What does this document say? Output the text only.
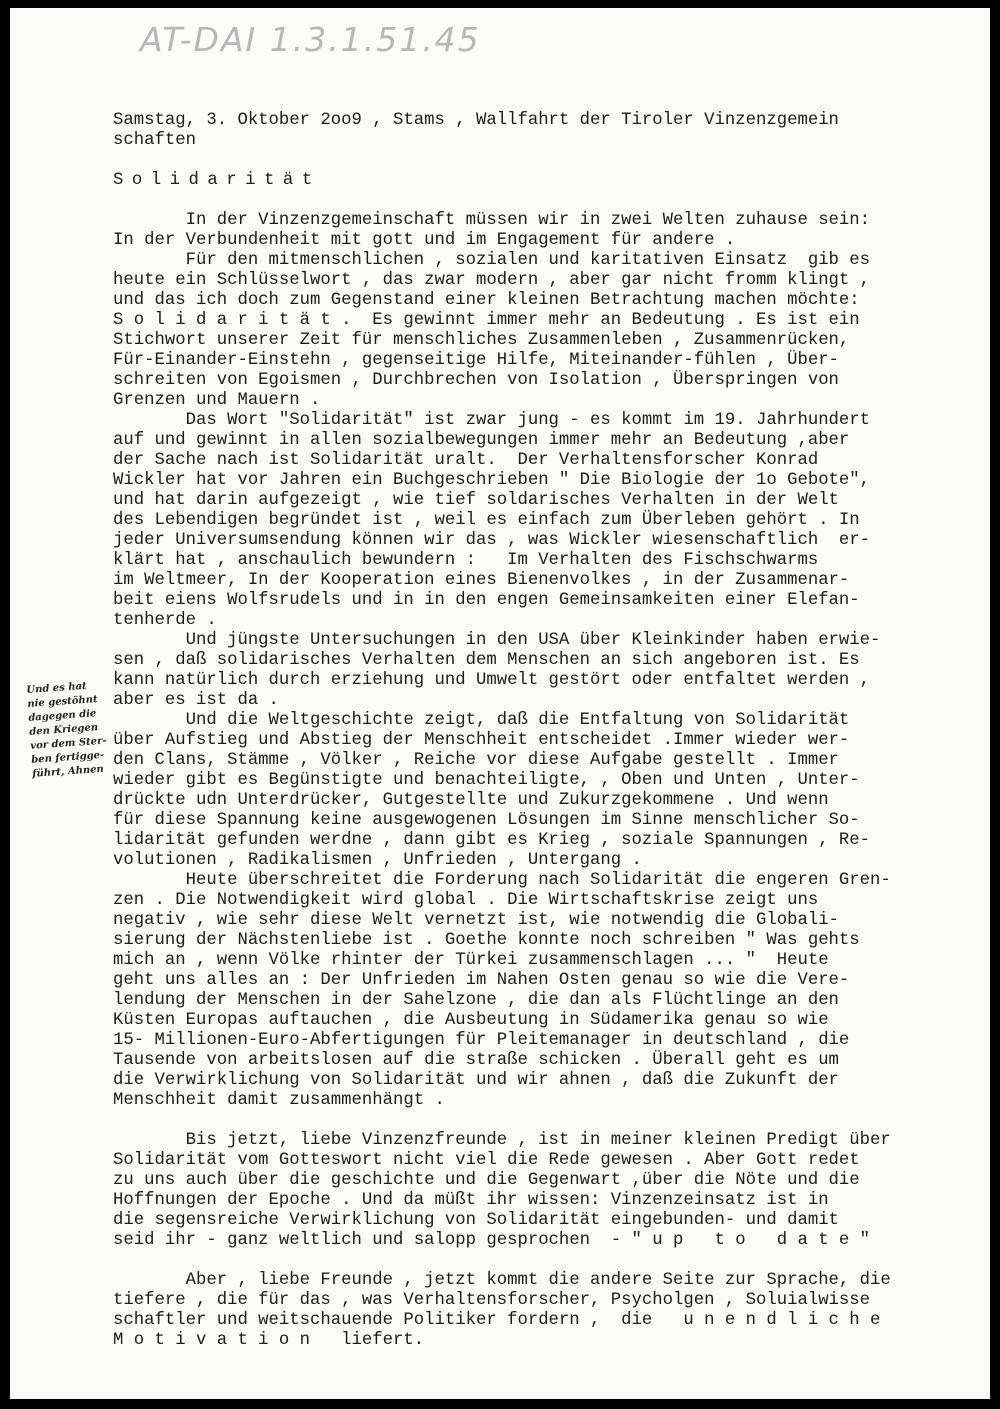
AT-DAI 1.3.1.51.45
Und es hat
nie gestöhnt
dagegen die
den Kriegen
vor dem Ster-
ben fertigge-
führt, Ahnen
Samstag, 3. Oktober 2oo9 , Stams , Wallfahrt der Tiroler Vinzenzgemein
schaften
Solidarität
In der Vinzenzgemeinschaft müssen wir in zwei Welten zuhause sein:
In der Verbundenheit mit gott und im Engagement für andere .
Für den mitmenschlichen , sozialen und karitativen Einsatz  gib es
heute ein Schlüsselwort , das zwar modern , aber gar nicht fromm klingt ,
und das ich doch zum Gegenstand einer kleinen Betrachtung machen möchte:
S o l i d a r i t ä t .  Es gewinnt immer mehr an Bedeutung . Es ist ein
Stichwort unserer Zeit für menschliches Zusammenleben , Zusammenrücken,
Für-Einander-Einstehn , gegenseitige Hilfe, Miteinander-fühlen , Über-
schreiten von Egoismen , Durchbrechen von Isolation , Überspringen von
Grenzen und Mauern .
Das Wort "Solidarität" ist zwar jung - es kommt im 19. Jahrhundert
auf und gewinnt in allen sozialbewegungen immer mehr an Bedeutung ,aber
der Sache nach ist Solidarität uralt.  Der Verhaltensforscher Konrad
Wickler hat vor Jahren ein Buchgeschrieben " Die Biologie der 1o Gebote",
und hat darin aufgezeigt , wie tief soldarisches Verhalten in der Welt
des Lebendigen begründet ist , weil es einfach zum Überleben gehört . In
jeder Universumsendung können wir das , was Wickler wiesenschaftlich  er-
klärt hat , anschaulich bewundern :   Im Verhalten des Fischschwarms
im Weltmeer, In der Kooperation eines Bienenvolkes , in der Zusammenar-
beit eiens Wolfsrudels und in in den engen Gemeinsamkeiten einer Elefan-
tenherde .
Und jüngste Untersuchungen in den USA über Kleinkinder haben erwie-
sen , daß solidarisches Verhalten dem Menschen an sich angeboren ist. Es
kann natürlich durch erziehung und Umwelt gestört oder entfaltet werden ,
aber es ist da .
Und die Weltgeschichte zeigt, daß die Entfaltung von Solidarität
über Aufstieg und Abstieg der Menschheit entscheidet .Immer wieder wer-
den Clans, Stämme , Völker , Reiche vor diese Aufgabe gestellt . Immer
wieder gibt es Begünstigte und benachteiligte, , Oben und Unten , Unter-
drückte udn Unterdrücker, Gutgestellte und Zukurzgekommene . Und wenn
für diese Spannung keine ausgewogenen Lösungen im Sinne menschlicher So-
lidarität gefunden werdne , dann gibt es Krieg , soziale Spannungen , Re-
volutionen , Radikalismen , Unfrieden , Untergang .
Heute überschreitet die Forderung nach Solidarität die engeren Gren-
zen . Die Notwendigkeit wird global . Die Wirtschaftskrise zeigt uns
negativ , wie sehr diese Welt vernetzt ist, wie notwendig die Globali-
sierung der Nächstenliebe ist . Goethe konnte noch schreiben " Was gehts
mich an , wenn Völke rhinter der Türkei zusammenschlagen ... "  Heute
geht uns alles an : Der Unfrieden im Nahen Osten genau so wie die Vere-
lendung der Menschen in der Sahelzone , die dan als Flüchtlinge an den
Küsten Europas auftauchen , die Ausbeutung in Südamerika genau so wie
15- Millionen-Euro-Abfertigungen für Pleitemanager in deutschland , die
Tausende von arbeitslosen auf die straße schicken . Überall geht es um
die Verwirklichung von Solidarität und wir ahnen , daß die Zukunft der
Menschheit damit zusammenhängt .
Bis jetzt, liebe Vinzenzfreunde , ist in meiner kleinen Predigt über
Solidarität vom Gotteswort nicht viel die Rede gewesen . Aber Gott redet
zu uns auch über die geschichte und die Gegenwart ,über die Nöte und die
Hoffnungen der Epoche . Und da müßt ihr wissen: Vinzenzeinsatz ist in
die segensreiche Verwirklichung von Solidarität eingebunden- und damit
seid ihr - ganz weltlich und salopp gesprochen  - " u p   t o   d a t e "
Aber , liebe Freunde , jetzt kommt die andere Seite zur Sprache, die
tiefere , die für das , was Verhaltensforscher, Psycholgen , Soluialwisse
schaftler und weitschauende Politiker fordern ,  die   u n e n d l i c h e
M o t i v a t i o n   liefert.
